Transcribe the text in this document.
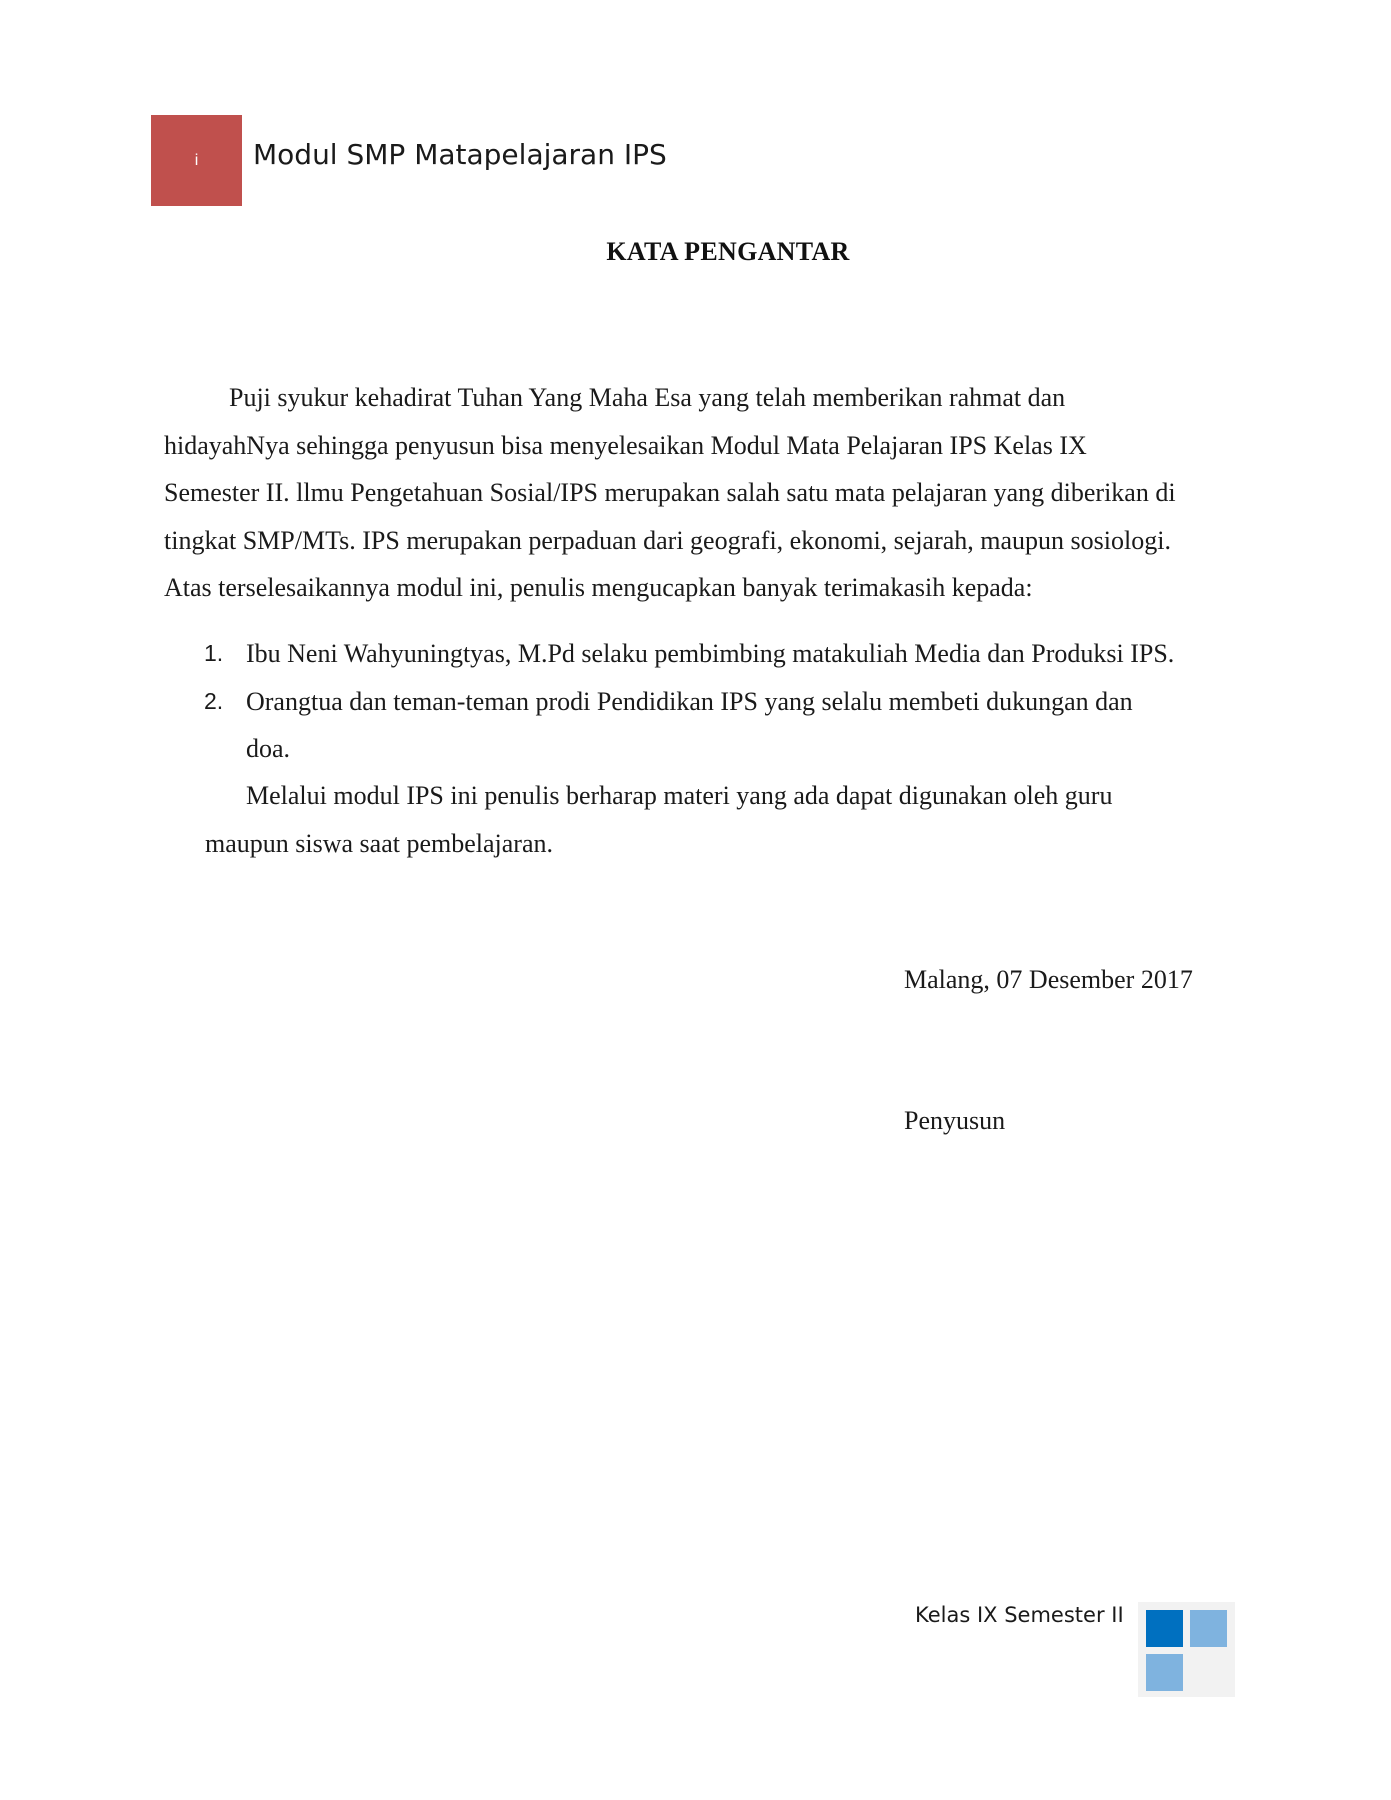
i Modul SMP Matapelajaran IPS
KATA PENGANTAR
Puji syukur kehadirat Tuhan Yang Maha Esa yang telah memberikan rahmat dan
hidayahNya sehingga penyusun bisa menyelesaikan Modul Mata Pelajaran IPS Kelas IX
Semester II. llmu Pengetahuan Sosial/IPS merupakan salah satu mata pelajaran yang diberikan di
tingkat SMP/MTs. IPS merupakan perpaduan dari geografi, ekonomi, sejarah, maupun sosiologi.
Atas terselesaikannya modul ini, penulis mengucapkan banyak terimakasih kepada:
1. Ibu Neni Wahyuningtyas, M.Pd selaku pembimbing matakuliah Media dan Produksi IPS.
2. Orangtua dan teman-teman prodi Pendidikan IPS yang selalu membeti dukungan dan
doa.
Melalui modul IPS ini penulis berharap materi yang ada dapat digunakan oleh guru
maupun siswa saat pembelajaran.
Malang, 07 Desember 2017
Penyusun
Kelas IX Semester II
